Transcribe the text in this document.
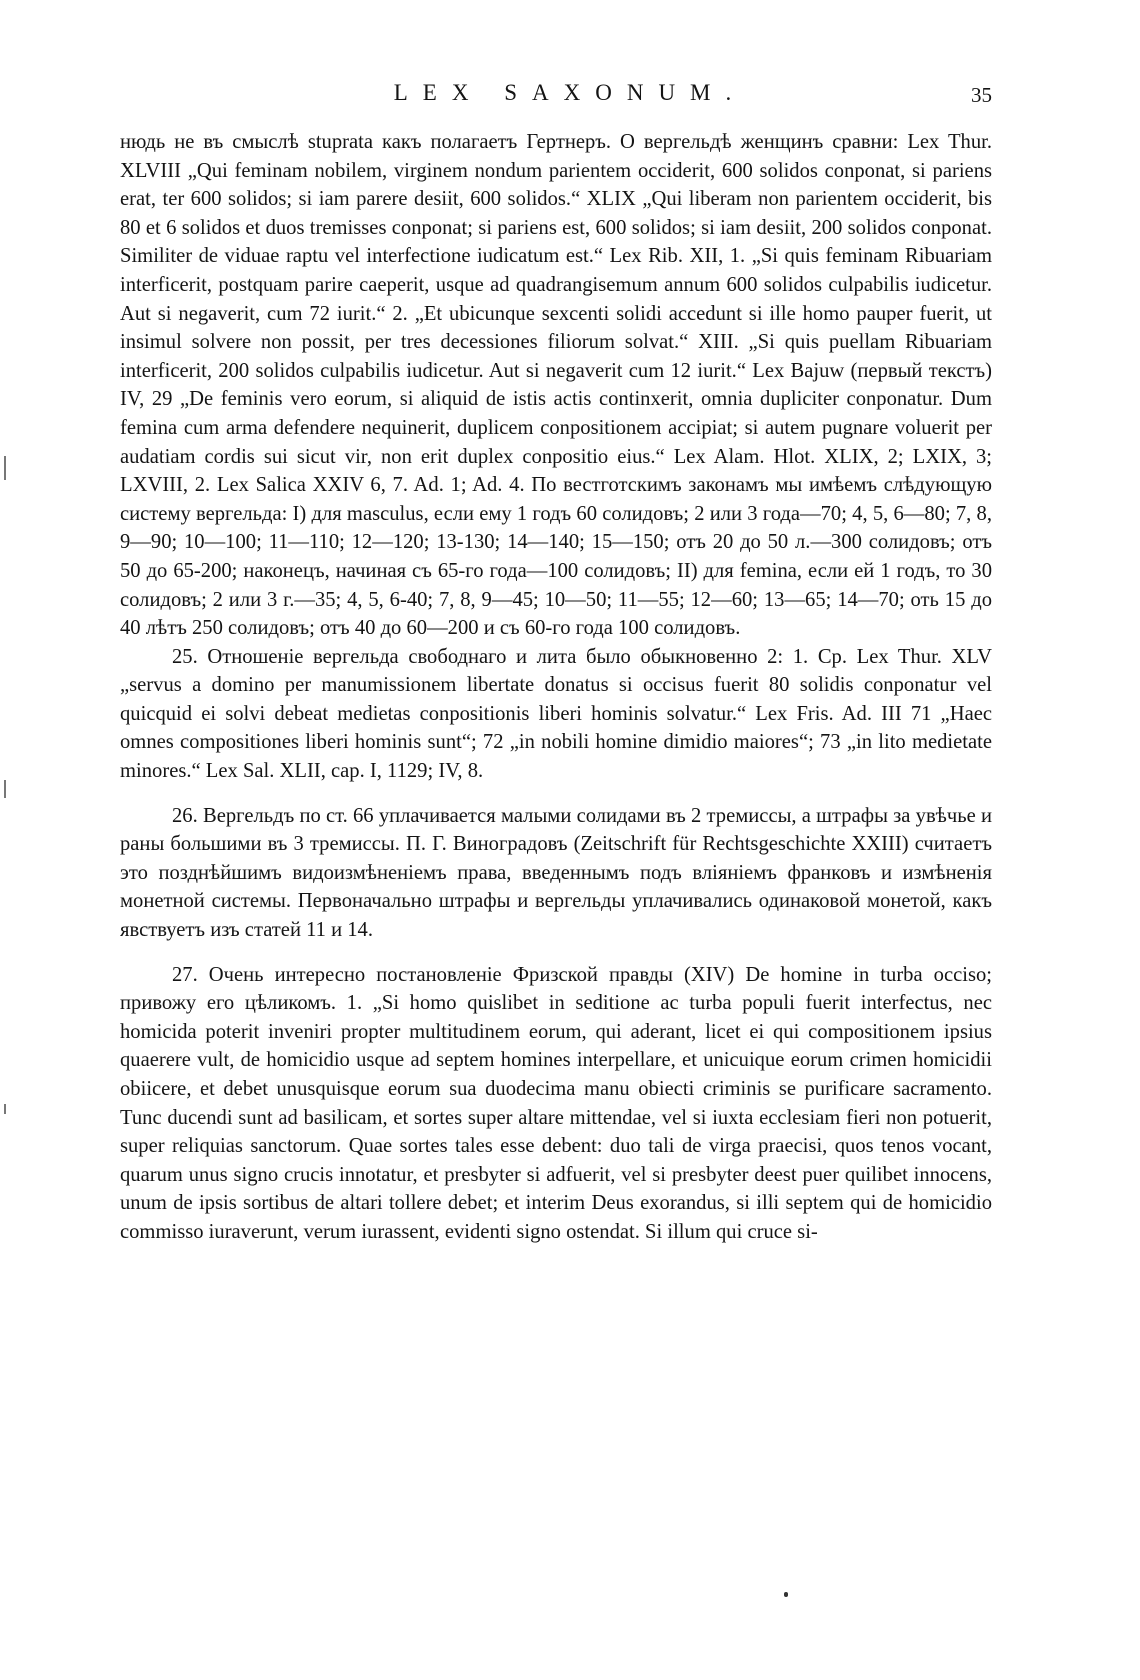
LEX SAXONUM.	35

нюдь не въ смыслѣ stuprata какъ полагаетъ Гертнеръ. О вергельдѣ женщинъ сравни: Lex Thur. XLVIII „Qui feminam nobilem, virginem nondum parientem occiderit, 600 solidos conponat, si pariens erat, ter 600 solidos; si iam parere desiit, 600 solidos.“ XLIX „Qui liberam non parientem occiderit, bis 80 et 6 solidos et duos tremisses conponat; si pariens est, 600 solidos; si iam desiit, 200 solidos conponat. Similiter de viduae raptu vel interfectione iudicatum est.“ Lex Rib. XII, 1. „Si quis feminam Ribuariam interficerit, postquam parire caeperit, usque ad quadrangisemum annum 600 solidos culpabilis iudicetur. Aut si negaverit, cum 72 iurit.“ 2. „Et ubicunque sexcenti solidi accedunt si ille homo pauper fuerit, ut insimul solvere non possit, per tres decessiones filiorum solvat.“ XIII. „Si quis puellam Ribuariam interficerit, 200 solidos culpabilis iudicetur. Aut si negaverit cum 12 iurit.“ Lex Bajuw (первый текстъ) IV, 29 „De feminis vero eorum, si aliquid de istis actis continxerit, omnia dupliciter conponatur. Dum femina cum arma defendere nequinerit, duplicem conpositionem accipiat; si autem pugnare voluerit per audatiam cordis sui sicut vir, non erit duplex conpositio eius.“ Lex Alam. Hlot. XLIX, 2; LXIX, 3; LXVIII, 2. Lex Salica XXIV 6, 7. Ad. 1; Ad. 4. По вестготскимъ законамъ мы имѣемъ слѣдующую систему вергельда: I) для masculus, если ему 1 годъ 60 солидовъ; 2 или 3 года—70; 4, 5, 6—80; 7, 8, 9—90; 10—100; 11—110; 12—120; 13-130; 14—140; 15—150; отъ 20 до 50 л.—300 солидовъ; отъ 50 до 65-200; наконецъ, начиная съ 65-го года—100 солидовъ; II) для femina, если ей 1 годъ, то 30 солидовъ; 2 или 3 г.—35; 4, 5, 6-40; 7, 8, 9—45; 10—50; 11—55; 12—60; 13—65; 14—70; оть 15 до 40 лѣтъ 250 солидовъ; отъ 40 до 60—200 и съ 60-го года 100 солидовъ.

25. Отношеніе вергельда свободнаго и лита было обыкновенно 2: 1. Ср. Lex Thur. XLV „servus a domino per manumissionem libertate donatus si occisus fuerit 80 solidis conponatur vel quicquid ei solvi debeat medietas conpositionis liberi hominis solvatur.“ Lex Fris. Ad. III 71 „Haec omnes compositiones liberi hominis sunt“; 72 „in nobili homine dimidio maiores“; 73 „in lito medietate minores.“ Lex Sal. XLII, cap. I, 1129; IV, 8.

26. Вергельдъ по ст. 66 уплачивается малыми солидами въ 2 тремиссы, а штрафы за увѣчье и раны большими въ 3 тремиссы. П. Г. Виноградовъ (Zeitschrift für Rechtsgeschichte XXIII) считаетъ это позднѣйшимъ видоизмѣненіемъ права, введеннымъ подъ вліяніемъ франковъ и измѣненія монетной системы. Первоначально штрафы и вергельды уплачивались одинаковой монетой, какъ явствуетъ изъ статей 11 и 14.

27. Очень интересно постановленіе Фризской правды (XIV) De homine in turba occiso; привожу его цѣликомъ. 1. „Si homo quislibet in seditione ac turba populi fuerit interfectus, nec homicida poterit inveniri propter multitudinem eorum, qui aderant, licet ei qui compositionem ipsius quaerere vult, de homicidio usque ad septem homines interpellare, et unicuique eorum crimen homicidii obiicere, et debet unusquisque eorum sua duodecima manu obiecti criminis se purificare sacramento. Tunc ducendi sunt ad basilicam, et sortes super altare mittendae, vel si iuxta ecclesiam fieri non potuerit, super reliquias sanctorum. Quae sortes tales esse debent: duo tali de virga praecisi, quos tenos vocant, quarum unus signo crucis innotatur, et presbyter si adfuerit, vel si presbyter deest puer quilibet innocens, unum de ipsis sortibus de altari tollere debet; et interim Deus exorandus, si illi septem qui de homicidio commisso iuraverunt, verum iurassent, evidenti signo ostendat. Si illum qui cruce si-
